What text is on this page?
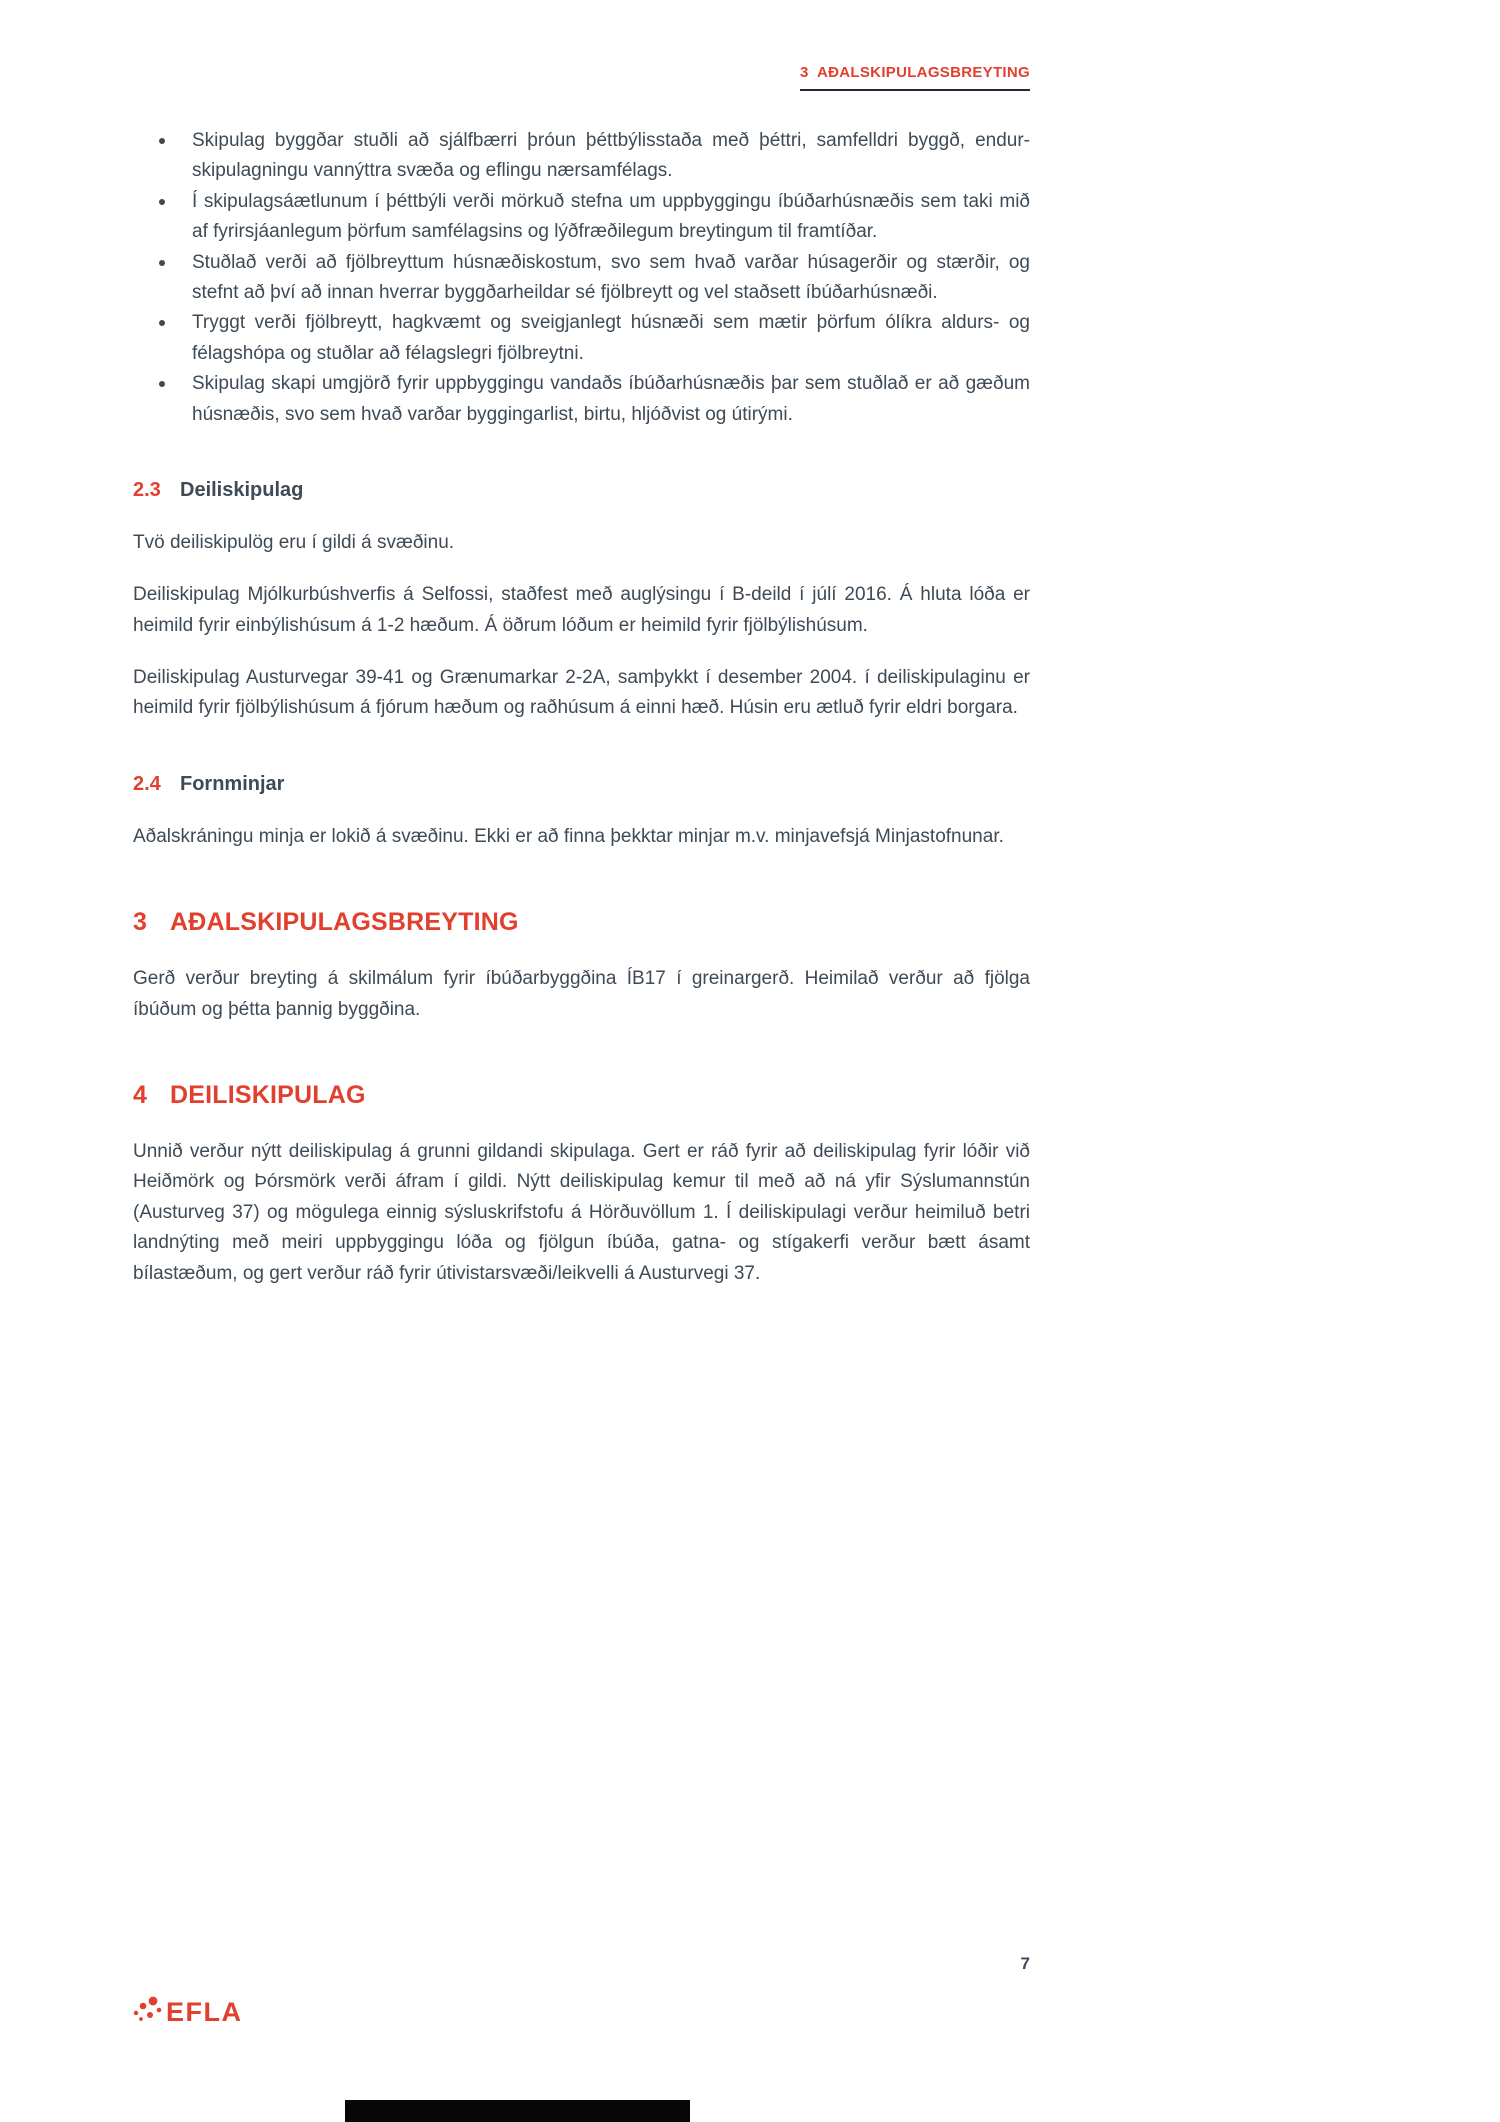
3  AÐALSKIPULAGSBREYTING
Skipulag byggðar stuðli að sjálfbærri þróun þéttbýlisstaða með þéttri, samfelldri byggð, endurskipulagningu vannýttra svæða og eflingu nærsamfélags.
Í skipulagsáætlunum í þéttbýli verði mörkuð stefna um uppbyggingu íbúðarhúsnæðis sem taki mið af fyrirsjáanlegum þörfum samfélagsins og lýðfræðilegum breytingum til framtíðar.
Stuðlað verði að fjölbreyttum húsnæðiskostum, svo sem hvað varðar húsagerðir og stærðir, og stefnt að því að innan hverrar byggðarheildar sé fjölbreytt og vel staðsett íbúðarhúsnæði.
Tryggt verði fjölbreytt, hagkvæmt og sveigjanlegt húsnæði sem mætir þörfum ólíkra aldurs- og félagshópa og stuðlar að félagslegri fjölbreytni.
Skipulag skapi umgjörð fyrir uppbyggingu vandaðs íbúðarhúsnæðis þar sem stuðlað er að gæðum húsnæðis, svo sem hvað varðar byggingarlist, birtu, hljóðvist og útirými.
2.3 Deiliskipulag

Tvö deiliskipulög eru í gildi á svæðinu.

Deiliskipulag Mjólkurbúshverfis á Selfossi, staðfest með auglýsingu í B-deild í júlí 2016. Á hluta lóða er heimild fyrir einbýlishúsum á 1-2 hæðum. Á öðrum lóðum er heimild fyrir fjölbýlishúsum.

Deiliskipulag Austurvegar 39-41 og Grænumarkar 2-2A, samþykkt í desember 2004. í deiliskipulaginu er heimild fyrir fjölbýlishúsum á fjórum hæðum og raðhúsum á einni hæð. Húsin eru ætluð fyrir eldri borgara.

2.4 Fornminjar

Aðalskráningu minja er lokið á svæðinu. Ekki er að finna þekktar minjar m.v. minjavefsjá Minjastofnunar.

3 AÐALSKIPULAGSBREYTING

Gerð verður breyting á skilmálum fyrir íbúðarbyggðina ÍB17 í greinargerð. Heimilað verður að fjölga íbúðum og þétta þannig byggðina.

4 DEILISKIPULAG

Unnið verður nýtt deiliskipulag á grunni gildandi skipulaga. Gert er ráð fyrir að deiliskipulag fyrir lóðir við Heiðmörk og Þórsmörk verði áfram í gildi. Nýtt deiliskipulag kemur til með að ná yfir Sýslumannstún (Austurveg 37) og mögulega einnig sýsluskrifstofu á Hörðuvöllum 1. Í deiliskipulagi verður heimiluð betri landnýting með meiri uppbyggingu lóða og fjölgun íbúða, gatna- og stígakerfi verður bætt ásamt bílastæðum, og gert verður ráð fyrir útivistarsvæði/leikvelli á Austurvegi 37.

EFLA
7
